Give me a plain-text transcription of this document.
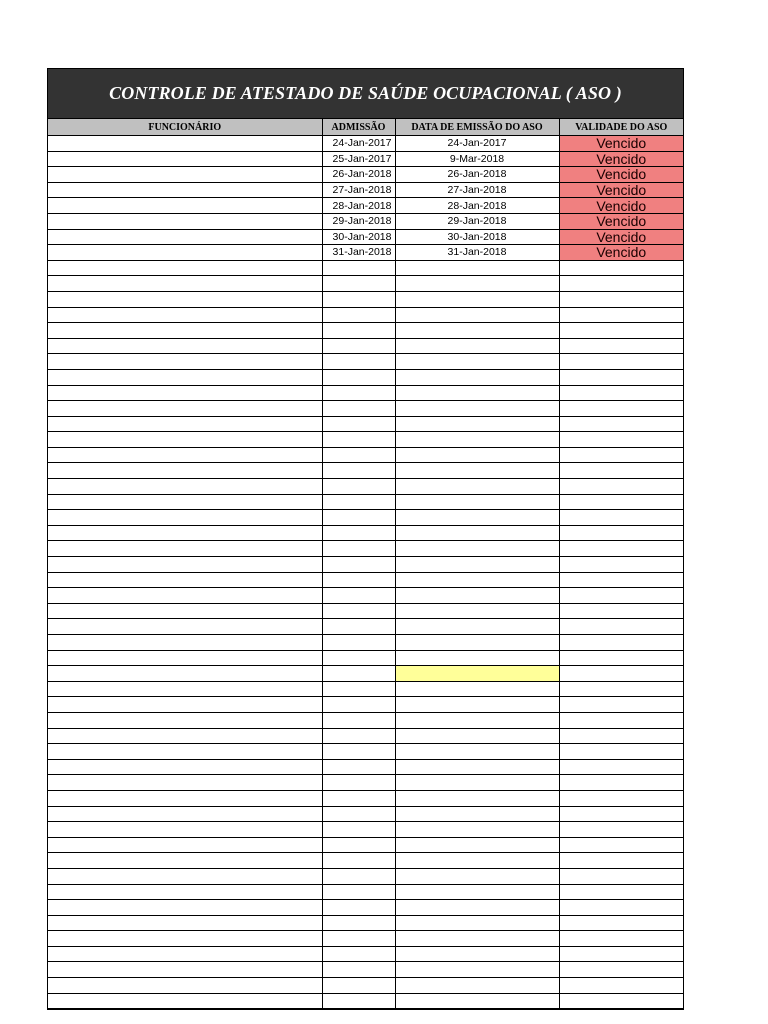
CONTROLE DE ATESTADO DE SAÚDE OCUPACIONAL ( ASO )
FUNCIONÁRIO	ADMISSÃO	DATA DE EMISSÃO DO ASO	VALIDADE DO ASO
	24-Jan-2017	24-Jan-2017	Vencido
	25-Jan-2017	9-Mar-2018	Vencido
	26-Jan-2018	26-Jan-2018	Vencido
	27-Jan-2018	27-Jan-2018	Vencido
	28-Jan-2018	28-Jan-2018	Vencido
	29-Jan-2018	29-Jan-2018	Vencido
	30-Jan-2018	30-Jan-2018	Vencido
	31-Jan-2018	31-Jan-2018	Vencido
